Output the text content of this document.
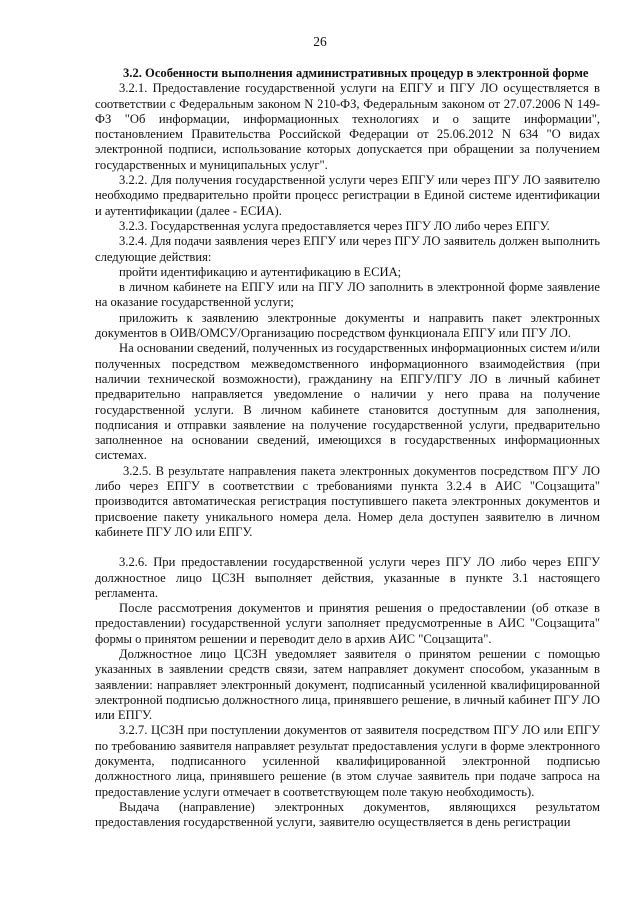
26

3.2. Особенности выполнения административных процедур в электронной форме

3.2.1. Предоставление государственной услуги на ЕПГУ и ПГУ ЛО осуществляется в соответствии с Федеральным законом N 210-ФЗ, Федеральным законом от 27.07.2006 N 149-ФЗ "Об информации, информационных технологиях и о защите информации", постановлением Правительства Российской Федерации от 25.06.2012 N 634 "О видах электронной подписи, использование которых допускается при обращении за получением государственных и муниципальных услуг".

3.2.2. Для получения государственной услуги через ЕПГУ или через ПГУ ЛО заявителю необходимо предварительно пройти процесс регистрации в Единой системе идентификации и аутентификации (далее - ЕСИА).

3.2.3. Государственная услуга предоставляется через ПГУ ЛО либо через ЕПГУ.

3.2.4. Для подачи заявления через ЕПГУ или через ПГУ ЛО заявитель должен выполнить следующие действия:

пройти идентификацию и аутентификацию в ЕСИА;

в личном кабинете на ЕПГУ или на ПГУ ЛО заполнить в электронной форме заявление на оказание государственной услуги;

приложить к заявлению электронные документы и направить пакет электронных документов в ОИВ/ОМСУ/Организацию посредством функционала ЕПГУ или ПГУ ЛО.

На основании сведений, полученных из государственных информационных систем и/или полученных посредством межведомственного информационного взаимодействия (при наличии технической возможности), гражданину на ЕПГУ/ПГУ ЛО в личный кабинет предварительно направляется уведомление о наличии у него права на получение государственной услуги. В личном кабинете становится доступным для заполнения, подписания и отправки заявление на получение государственной услуги, предварительно заполненное на основании сведений, имеющихся в государственных информационных системах.

3.2.5. В результате направления пакета электронных документов посредством ПГУ ЛО либо через ЕПГУ в соответствии с требованиями пункта 3.2.4 в АИС "Соцзащита" производится автоматическая регистрация поступившего пакета электронных документов и присвоение пакету уникального номера дела. Номер дела доступен заявителю в личном кабинете ПГУ ЛО или ЕПГУ.

3.2.6. При предоставлении государственной услуги через ПГУ ЛО либо через ЕПГУ должностное лицо ЦСЗН выполняет действия, указанные в пункте 3.1 настоящего регламента.

После рассмотрения документов и принятия решения о предоставлении (об отказе в предоставлении) государственной услуги заполняет предусмотренные в АИС "Соцзащита" формы о принятом решении и переводит дело в архив АИС "Соцзащита".

Должностное лицо ЦСЗН уведомляет заявителя о принятом решении с помощью указанных в заявлении средств связи, затем направляет документ способом, указанным в заявлении: направляет электронный документ, подписанный усиленной квалифицированной электронной подписью должностного лица, принявшего решение, в личный кабинет ПГУ ЛО или ЕПГУ.

3.2.7. ЦСЗН при поступлении документов от заявителя посредством ПГУ ЛО или ЕПГУ по требованию заявителя направляет результат предоставления услуги в форме электронного документа, подписанного усиленной квалифицированной электронной подписью должностного лица, принявшего решение (в этом случае заявитель при подаче запроса на предоставление услуги отмечает в соответствующем поле такую необходимость).

Выдача (направление) электронных документов, являющихся результатом предоставления государственной услуги, заявителю осуществляется в день регистрации
